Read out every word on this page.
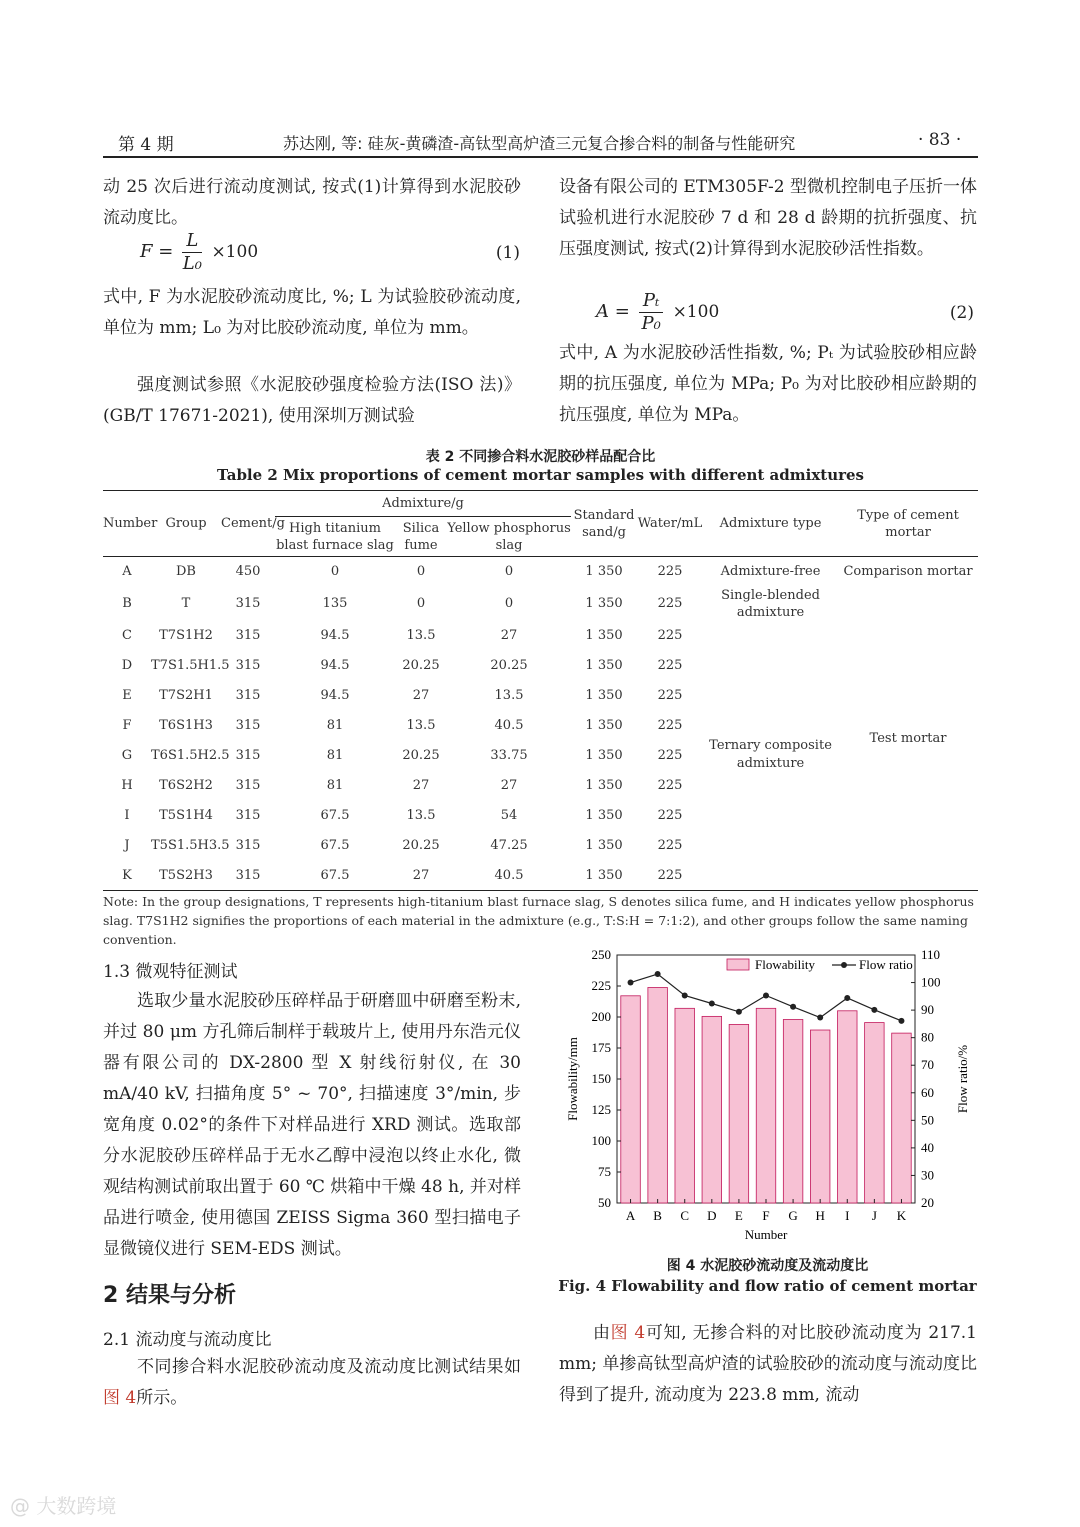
第 4 期	苏达刚, 等: 硅灰-黄磷渣-高钛型高炉渣三元复合掺合料的制备与性能研究	· 83 ·
动 25 次后进行流动度测试, 按式(1)计算得到水泥胶砂流动度比。
$F = \frac{L}{\text{L₀}} \times 100$	(1)
式中, F 为水泥胶砂流动度比, %; L 为试验胶砂流动度, 单位为 mm; L₀ 为对比胶砂流动度, 单位为 mm。
强度测试参照《水泥胶砂强度检验方法(ISO 法)》(GB/T 17671-2021), 使用深圳万测试验
设备有限公司的 ETM305F-2 型微机控制电子压折一体试验机进行水泥胶砂 7 d 和 28 d 龄期的抗折强度、抗压强度测试, 按式(2)计算得到水泥胶砂活性指数。
$A = \frac{\text{Pₜ}}{\text{P₀}} \times 100$	(2)
式中, A 为水泥胶砂活性指数, %; Pₜ 为试验胶砂相应龄期的抗压强度, 单位为 MPa; P₀ 为对比胶砂相应龄期的抗压强度, 单位为 MPa。
表 2 不同掺合料水泥胶砂样品配合比
Table 2 Mix proportions of cement mortar samples with different admixtures
Number	Group	Cement/g	Admixture/g			Standard sand/g	Water/mL	Admixture type	Type of cement mortar
			High titanium blast furnace slag	Silica fume	Yellow phosphorus slag				
A	DB	450	0	0	0	1 350	225	Admixture-free	Comparison mortar
B	T	315	135	0	0	1 350	225	Single-blended admixture	Test mortar
C	T7S1H2	315	94.5	13.5	27	1 350	225	Ternary composite admixture	
D	T7S1.5H1.5	315	94.5	20.25	20.25	1 350	225		
E	T7S2H1	315	94.5	27	13.5	1 350	225		
F	T6S1H3	315	81	13.5	40.5	1 350	225		
G	T6S1.5H2.5	315	81	20.25	33.75	1 350	225		
H	T6S2H2	315	81	27	27	1 350	225		
I	T5S1H4	315	67.5	13.5	54	1 350	225		
J	T5S1.5H3.5	315	67.5	20.25	47.25	1 350	225		
K	T5S2H3	315	67.5	27	40.5	1 350	225		
Note: In the group designations, T represents high-titanium blast furnace slag, S denotes silica fume, and H indicates yellow phosphorus slag. T7S1H2 signifies the proportions of each material in the admixture (e.g., T:S:H = 7:1:2), and other groups follow the same naming convention.
1.3 微观特征测试
选取少量水泥胶砂压碎样品于研磨皿中研磨至粉末, 并过 80 μm 方孔筛后制样于载玻片上, 使用丹东浩元仪器有限公司的 DX-2800 型 X 射线衍射仪, 在 30 mA/40 kV, 扫描角度 5° ~ 70°, 扫描速度 3°/min, 步宽角度 0.02°的条件下对样品进行 XRD 测试。选取部分水泥胶砂压碎样品于无水乙醇中浸泡以终止水化, 微观结构测试前取出置于 60 ℃ 烘箱中干燥 48 h, 并对样品进行喷金, 使用德国 ZEISS Sigma 360 型扫描电子显微镜仪进行 SEM-EDS 测试。
2 结果与分析
2.1 流动度与流动度比
不同掺合料水泥胶砂流动度及流动度比测试结果如图 4所示。
50
75
100
125
150
175
200
225
250
20
30
40
50
60
70
80
90
100
110
A B C D E F G H I J K
Number
Flowability/mm	Flow ratio/%
Flowability	Flow ratio
图 4 水泥胶砂流动度及流动度比
Fig. 4 Flowability and flow ratio of cement mortar
由图 4可知, 无掺合料的对比胶砂流动度为 217.1 mm; 单掺高钛型高炉渣的试验胶砂的流动度与流动度比得到了提升, 流动度为 223.8 mm, 流动
@ 大数跨境
